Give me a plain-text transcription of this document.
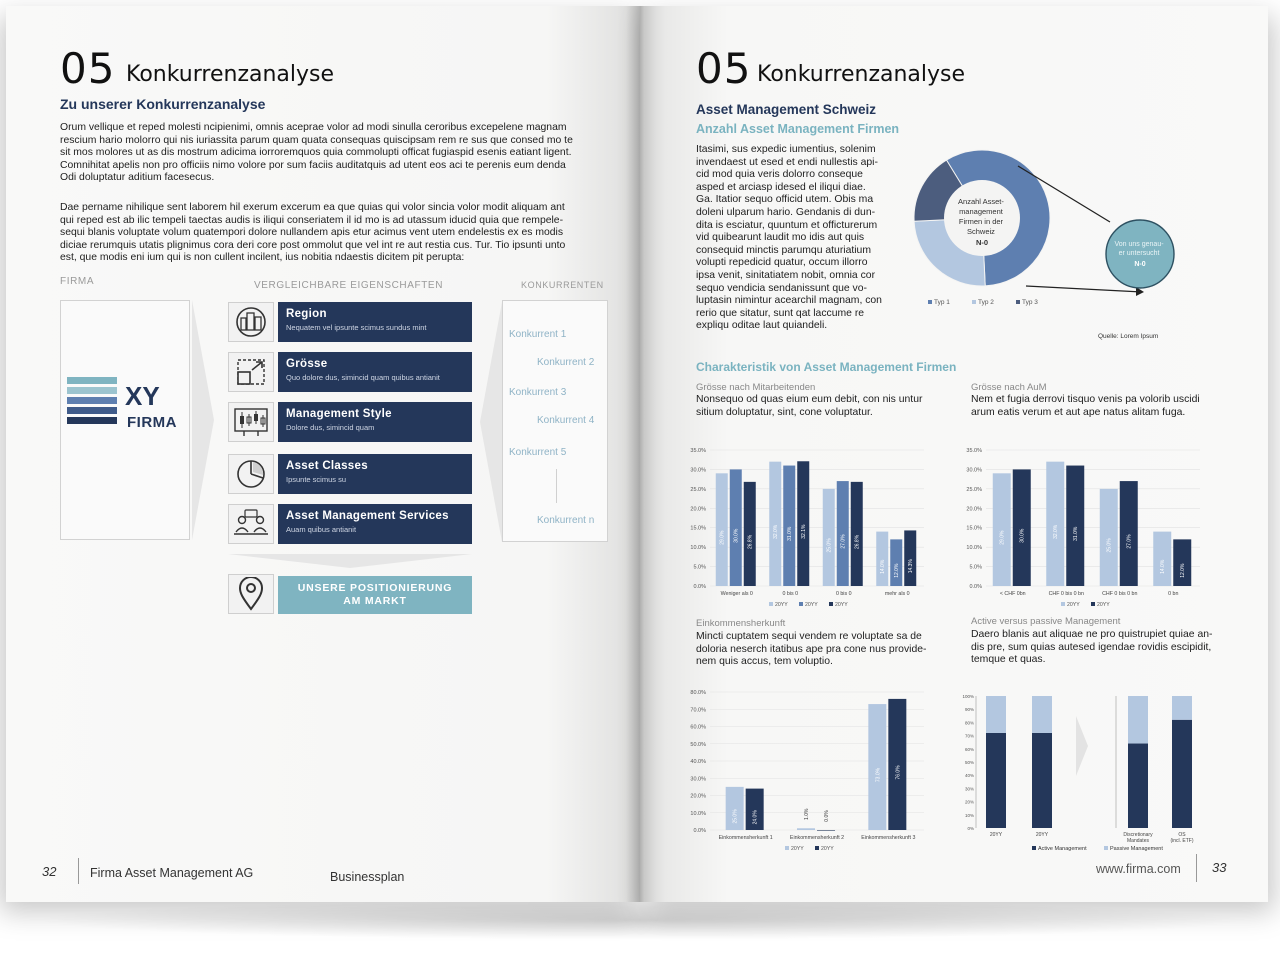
05 Konkurrenzanalyse
Zu unserer Konkurrenzanalyse
Orum vellique et reped molesti ncipienimi, omnis aceprae volor ad modi sinulla ceroribus excepelene magnam
rescium hario molorro qui nis iuriassita parum quam quata consequas quiscipsam rem re sus que consed mo te
sit mos molores ut as dis mostrum adicima iorroremquos quia commolupti officat fugiaspid esenis eatiant ligent.
Comnihitat apelis non pro officiis nimo volore por sum faciis auditatquis ad utent eos aci te perenis eum denda
Odi doluptatur aditium facesecus.
Dae pername nihilique sent laborem hil exerum excerum ea que quias qui volor sincia volor modit aliquam ant
qui reped est ab ilic tempeli taectas audis is iliqui conseriatem il id mo is ad utassum iducid quia que rempele-
sequi blanis voluptate volum quatempori dolore nullandem apis etur acimus vent utem endelestis ex es modis
diciae rerumquis utatis plignimus cora deri core post ommolut que vel int re aut restia cus. Tur. Tio ipsunti unto
est, que modis eni ium qui is non cullent incilent, ius nobitia ndaestis dicitem pit perupta:
FIRMA	VERGLEICHBARE EIGENSCHAFTEN	KONKURRENTEN
XY
FIRMA
Region
Nequatem vel ipsunte scimus sundus mint
Grösse
Quo dolore dus, simincid quam quibus antianit
Management Style
Dolore dus, simincid quam
Asset Classes
Ipsunte scimus su
Asset Management Services
Auam quibus antianit
UNSERE POSITIONIERUNG
AM MARKT
Konkurrent 1
Konkurrent 2
Konkurrent 3
Konkurrent 4
Konkurrent 5
Konkurrent n
32	Firma Asset Management AG	Businessplan
05 Konkurrenzanalyse
Asset Management Schweiz
Anzahl Asset Management Firmen
Itasimi, sus expedic iumentius, solenim
invendaest ut esed et endi nullestis api-
cid mod quia veris dolorro conseque
asped et arciasp idesed el iliqui diae.
Ga. Itatior sequo officid utem. Obis ma
doleni ulparum hario. Gendanis di dun-
dita is esciatur, quuntum et officturerum
vid quibearunt laudit mo idis aut quis
consequid minctis parumqu aturiatium
volupti repedicid quatur, occum illorro
ipsa venit, sinitatiatem nobit, omnia cor
sequo vendicia sendanissunt que vo-
luptasin nimintur acearchil magnam, con
rerio que sitatur, sunt qat laccume re
expliqu oditae laut quiandeli.
Anzahl Asset- management Firmen in der Schweiz N-0	Von uns genau- er untersucht N-0
Typ 1	Typ 2	Typ 3
Quelle: Lorem Ipsum
Charakteristik von Asset Management Firmen
Grösse nach Mitarbeitenden
Nonsequo od quas eium eum debit, con nis untur
sitium doluptatur, sint, cone voluptatur.
Grösse nach AuM
Nem et fugia derrovi tisquo venis pa volorib uscidi
arum eatis verum et aut ape natus alitam fuga.
0.0%
5.0%
10.0%
15.0%
20.0%
25.0%
30.0%
35.0%
29.0% 30.0% 26.8%
Weniger als 0
32.0% 31.0% 32.1%
0 bis 0
25.0% 27.0% 26.8%
0 bis 0
14.0% 12.0% 14.3%
mehr als 0
20YY	20YY	20YY
0.0%
5.0%
10.0%
15.0%
20.0%
25.0%
30.0%
35.0%
29.0%	30.0%
< CHF 0bn
32.0%	31.0%
CHF 0 bis 0 bn
25.0%	27.0%
CHF 0 bis 0 bn
14.0%	12.0%
0 bn
20YY	20YY
Einkommensherkunft
Mincti cuptatem sequi vendem re voluptate sa de
doloria neserch itatibus ape pra cone nus provide-
nem quis accus, tem voluptio.
Active versus passive Management
Daero blanis aut aliquae ne pro quistrupiet quiae an-
dis pre, sum quias autesed igendae rovidis escipidit,
temque et quas.
0.0%
10.0%
20.0%
30.0%
40.0%
50.0%
60.0%
70.0%
80.0%
25.0%	24.0%
Einkommensherkunft 1
1.0%	0.0%
Einkommensherkunft 2
73.0%	76.0%
Einkommensherkunft 3
20YY	20YY
0%
10%
20%
30%
40%
50%
60%
70%
80%
90%
100%
20YY	20YY	Discretionary
Mandates
OS
(incl. ETF)
Active Management	Passive Management
www.firma.com 33
